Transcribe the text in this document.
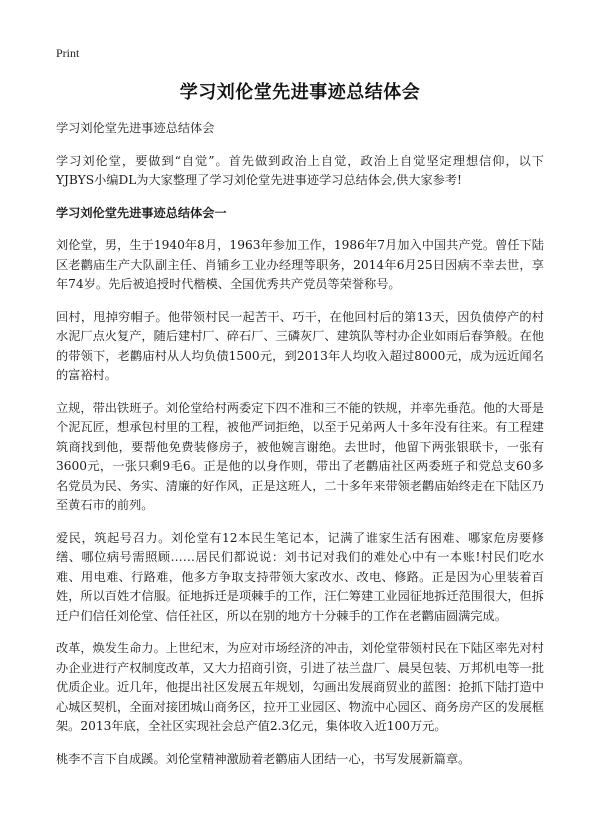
Print
学习刘伦堂先进事迹总结体会

学习刘伦堂先进事迹总结体会

学习刘伦堂，要做到“自觉”。首先做到政治上自觉，政治上自觉坚定理想信仰，以下YJBYS小编DL为大家整理了学习刘伦堂先进事迹学习总结体会,供大家参考!

学习刘伦堂先进事迹总结体会一

刘伦堂，男，生于1940年8月，1963年参加工作，1986年7月加入中国共产党。曾任下陆区老鹳庙生产大队副主任、肖铺乡工业办经理等职务，2014年6月25日因病不幸去世，享年74岁。先后被追授时代楷模、全国优秀共产党员等荣誉称号。

回村，甩掉穷帽子。他带领村民一起苦干、巧干，在他回村后的第13天，因负债停产的村水泥厂点火复产，随后建村厂、碎石厂、三磷灰厂、建筑队等村办企业如雨后春笋般。在他的带领下，老鹳庙村从人均负债1500元，到2013年人均收入超过8000元，成为远近闻名的富裕村。

立规，带出铁班子。刘伦堂给村两委定下四不准和三不能的铁规，并率先垂范。他的大哥是个泥瓦匠，想承包村里的工程，被他严词拒绝，以至于兄弟两人十多年没有往来。有工程建筑商找到他，要帮他免费装修房子，被他婉言谢绝。去世时，他留下两张银联卡，一张有3600元，一张只剩9毛6。正是他的以身作则，带出了老鹳庙社区两委班子和党总支60多名党员为民、务实、清廉的好作风，正是这班人，二十多年来带领老鹳庙始终走在下陆区乃至黄石市的前列。

爱民，筑起号召力。刘伦堂有12本民生笔记本，记满了谁家生活有困难、哪家危房要修缮、哪位病号需照顾……居民们都说说：刘书记对我们的难处心中有一本账!村民们吃水难、用电难、行路难，他多方争取支持带领大家改水、改电、修路。正是因为心里装着百姓，所以百姓才信服。征地拆迁是项棘手的工作，汪仁筹建工业园征地拆迁范围很大，但拆迁户们信任刘伦堂、信任社区，所以在别的地方十分棘手的工作在老鹳庙圆满完成。

改革，焕发生命力。上世纪末，为应对市场经济的冲击，刘伦堂带领村民在下陆区率先对村办企业进行产权制度改革，又大力招商引资，引进了祛兰盘厂、晨昊包装、万邦机电等一批优质企业。近几年，他提出社区发展五年规划，勾画出发展商贸业的蓝图：抢抓下陆打造中心城区契机，全面对接团城山商务区，拉开工业园区、物流中心园区、商务房产区的发展框架。2013年底，全社区实现社会总产值2.3亿元，集体收入近100万元。

桃李不言下自成蹊。刘伦堂精神激励着老鹳庙人团结一心，书写发展新篇章。
